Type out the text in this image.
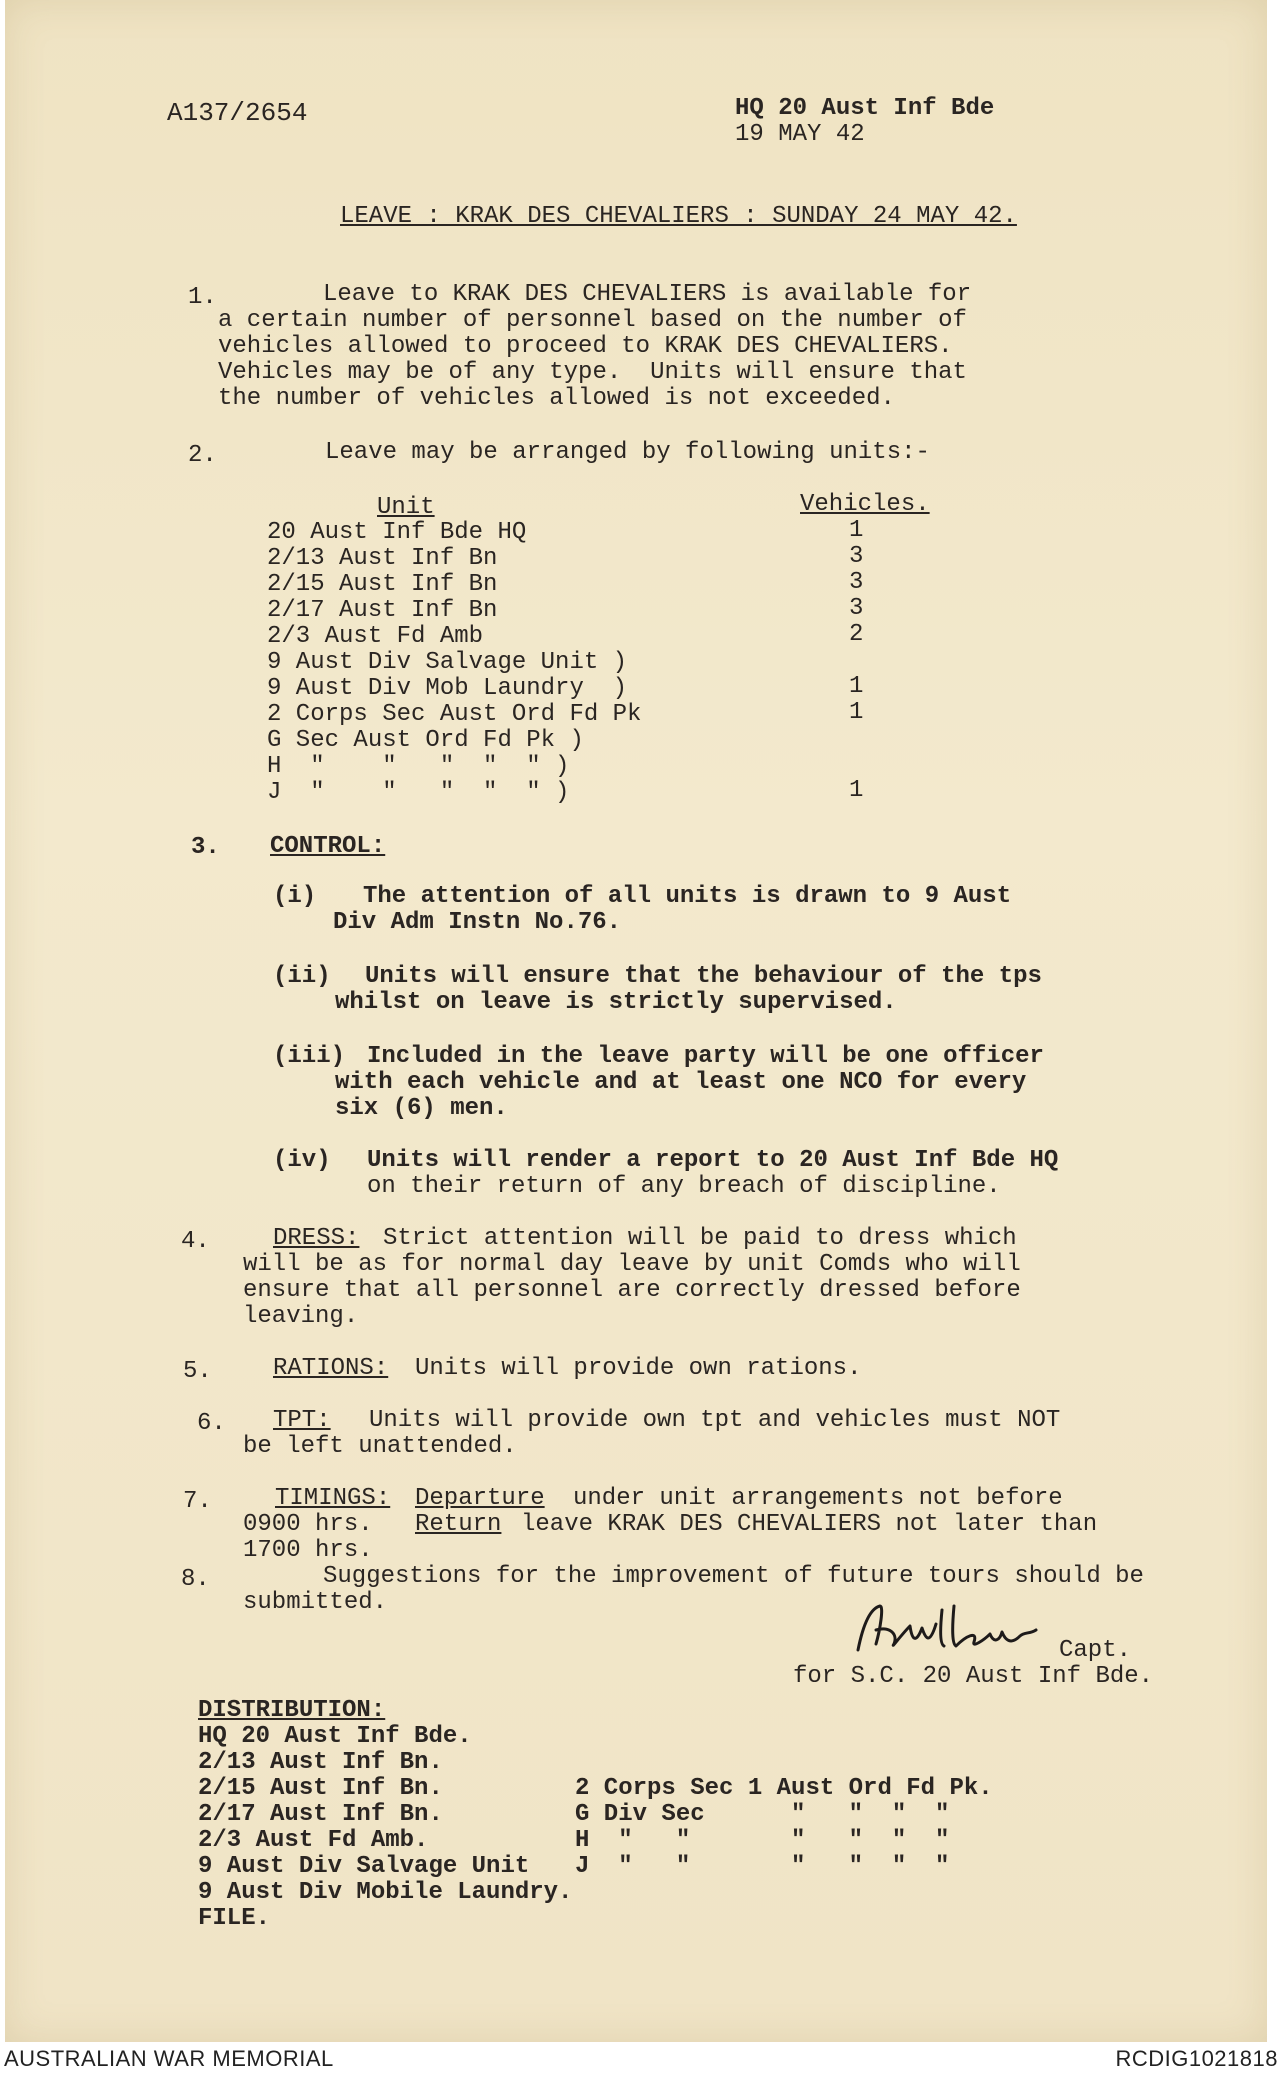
A137/2654	HQ 20 Aust Inf Bde
19 MAY 42
LEAVE : KRAK DES CHEVALIERS : SUNDAY 24 MAY 42.
1.	Leave to KRAK DES CHEVALIERS is available for
a certain number of personnel based on the number of
vehicles allowed to proceed to KRAK DES CHEVALIERS.
Vehicles may be of any type.  Units will ensure that
the number of vehicles allowed is not exceeded.
2.	Leave may be arranged by following units:-
Unit	Vehicles.
20 Aust Inf Bde HQ	1
2/13 Aust Inf Bn	3
2/15 Aust Inf Bn	3
2/17 Aust Inf Bn	3
2/3 Aust Fd Amb	2
9 Aust Div Salvage Unit )
9 Aust Div Mob Laundry  )	1
2 Corps Sec Aust Ord Fd Pk	1
G Sec Aust Ord Fd Pk )
H  "    "   "  "  " )
J  "    "   "  "  " )	1
3. CONTROL:
(i) The attention of all units is drawn to 9 Aust
Div Adm Instn No.76.
(ii) Units will ensure that the behaviour of the tps
whilst on leave is strictly supervised.
(iii) Included in the leave party will be one officer
with each vehicle and at least one NCO for every
six (6) men.
(iv) Units will render a report to 20 Aust Inf Bde HQ
on their return of any breach of discipline.
4.	DRESS: Strict attention will be paid to dress which
will be as for normal day leave by unit Comds who will
ensure that all personnel are correctly dressed before
leaving.
5.	RATIONS: Units will provide own rations.
6. TPT: Units will provide own tpt and vehicles must NOT
be left unattended.
7.	TIMINGS: Departure under unit arrangements not before
0900 hrs. Return leave KRAK DES CHEVALIERS not later than
1700 hrs.
8.	Suggestions for the improvement of future tours should be
submitted.
Capt.
for S.C. 20 Aust Inf Bde.
DISTRIBUTION:
HQ 20 Aust Inf Bde.
2/13 Aust Inf Bn.
2/15 Aust Inf Bn.
2/17 Aust Inf Bn.
2/3 Aust Fd Amb.
9 Aust Div Salvage Unit
9 Aust Div Mobile Laundry.
FILE.
2 Corps Sec 1 Aust Ord Fd Pk.
G Div Sec      "   "  "  "
H  "   "       "   "  "  "
J  "   "       "   "  "  "
AUSTRALIAN WAR MEMORIAL	RCDIG1021818
